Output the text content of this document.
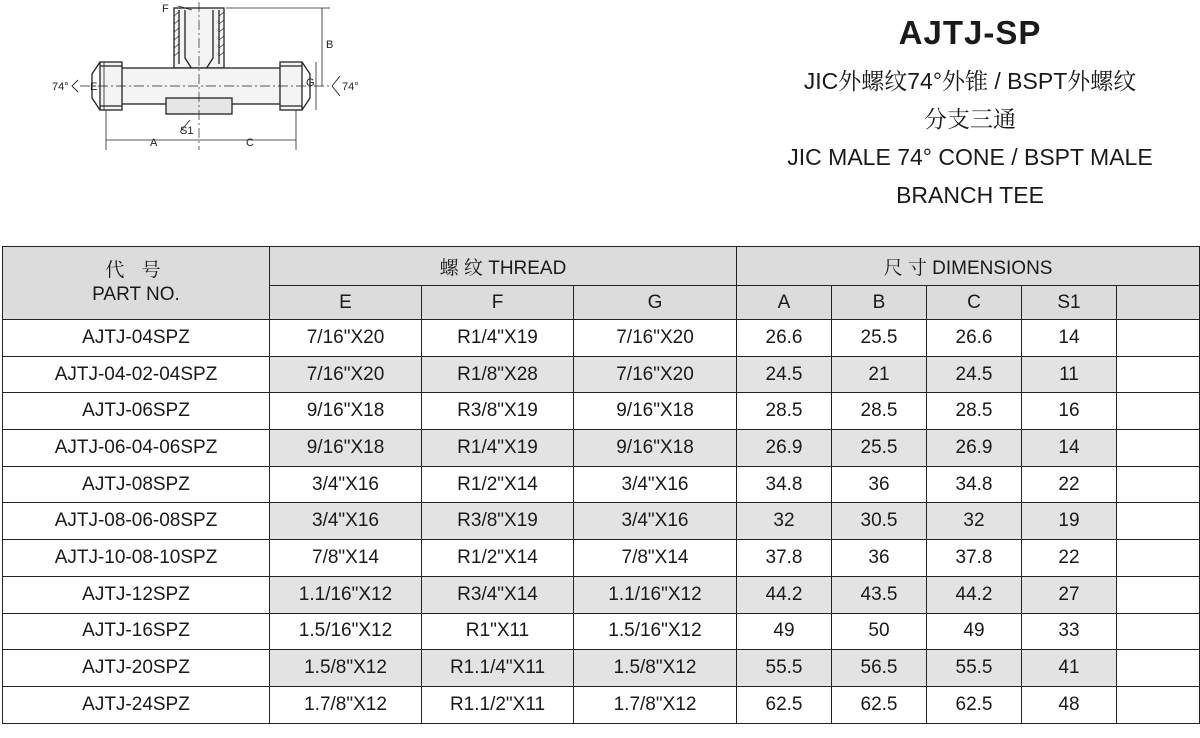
F
B
E	G
A	C
S1
74°	74°
AJTJ-SP
JIC外螺纹74°外锥 / BSPT外螺纹
分支三通
JIC MALE 74° CONE / BSPT MALE
BRANCH TEE
代 号
PART NO.	螺 纹 THREAD			尺 寸 DIMENSIONS				
	E	F	G	A	B	C	S1	
AJTJ-04SPZ	7/16"X20	R1/4"X19	7/16"X20	26.6	25.5	26.6	14	
AJTJ-04-02-04SPZ	7/16"X20	R1/8"X28	7/16"X20	24.5	21	24.5	11	
AJTJ-06SPZ	9/16"X18	R3/8"X19	9/16"X18	28.5	28.5	28.5	16	
AJTJ-06-04-06SPZ	9/16"X18	R1/4"X19	9/16"X18	26.9	25.5	26.9	14	
AJTJ-08SPZ	3/4"X16	R1/2"X14	3/4"X16	34.8	36	34.8	22	
AJTJ-08-06-08SPZ	3/4"X16	R3/8"X19	3/4"X16	32	30.5	32	19	
AJTJ-10-08-10SPZ	7/8"X14	R1/2"X14	7/8"X14	37.8	36	37.8	22	
AJTJ-12SPZ	1.1/16"X12	R3/4"X14	1.1/16"X12	44.2	43.5	44.2	27	
AJTJ-16SPZ	1.5/16"X12	R1"X11	1.5/16"X12	49	50	49	33	
AJTJ-20SPZ	1.5/8"X12	R1.1/4"X11	1.5/8"X12	55.5	56.5	55.5	41	
AJTJ-24SPZ	1.7/8"X12	R1.1/2"X11	1.7/8"X12	62.5	62.5	62.5	48	
